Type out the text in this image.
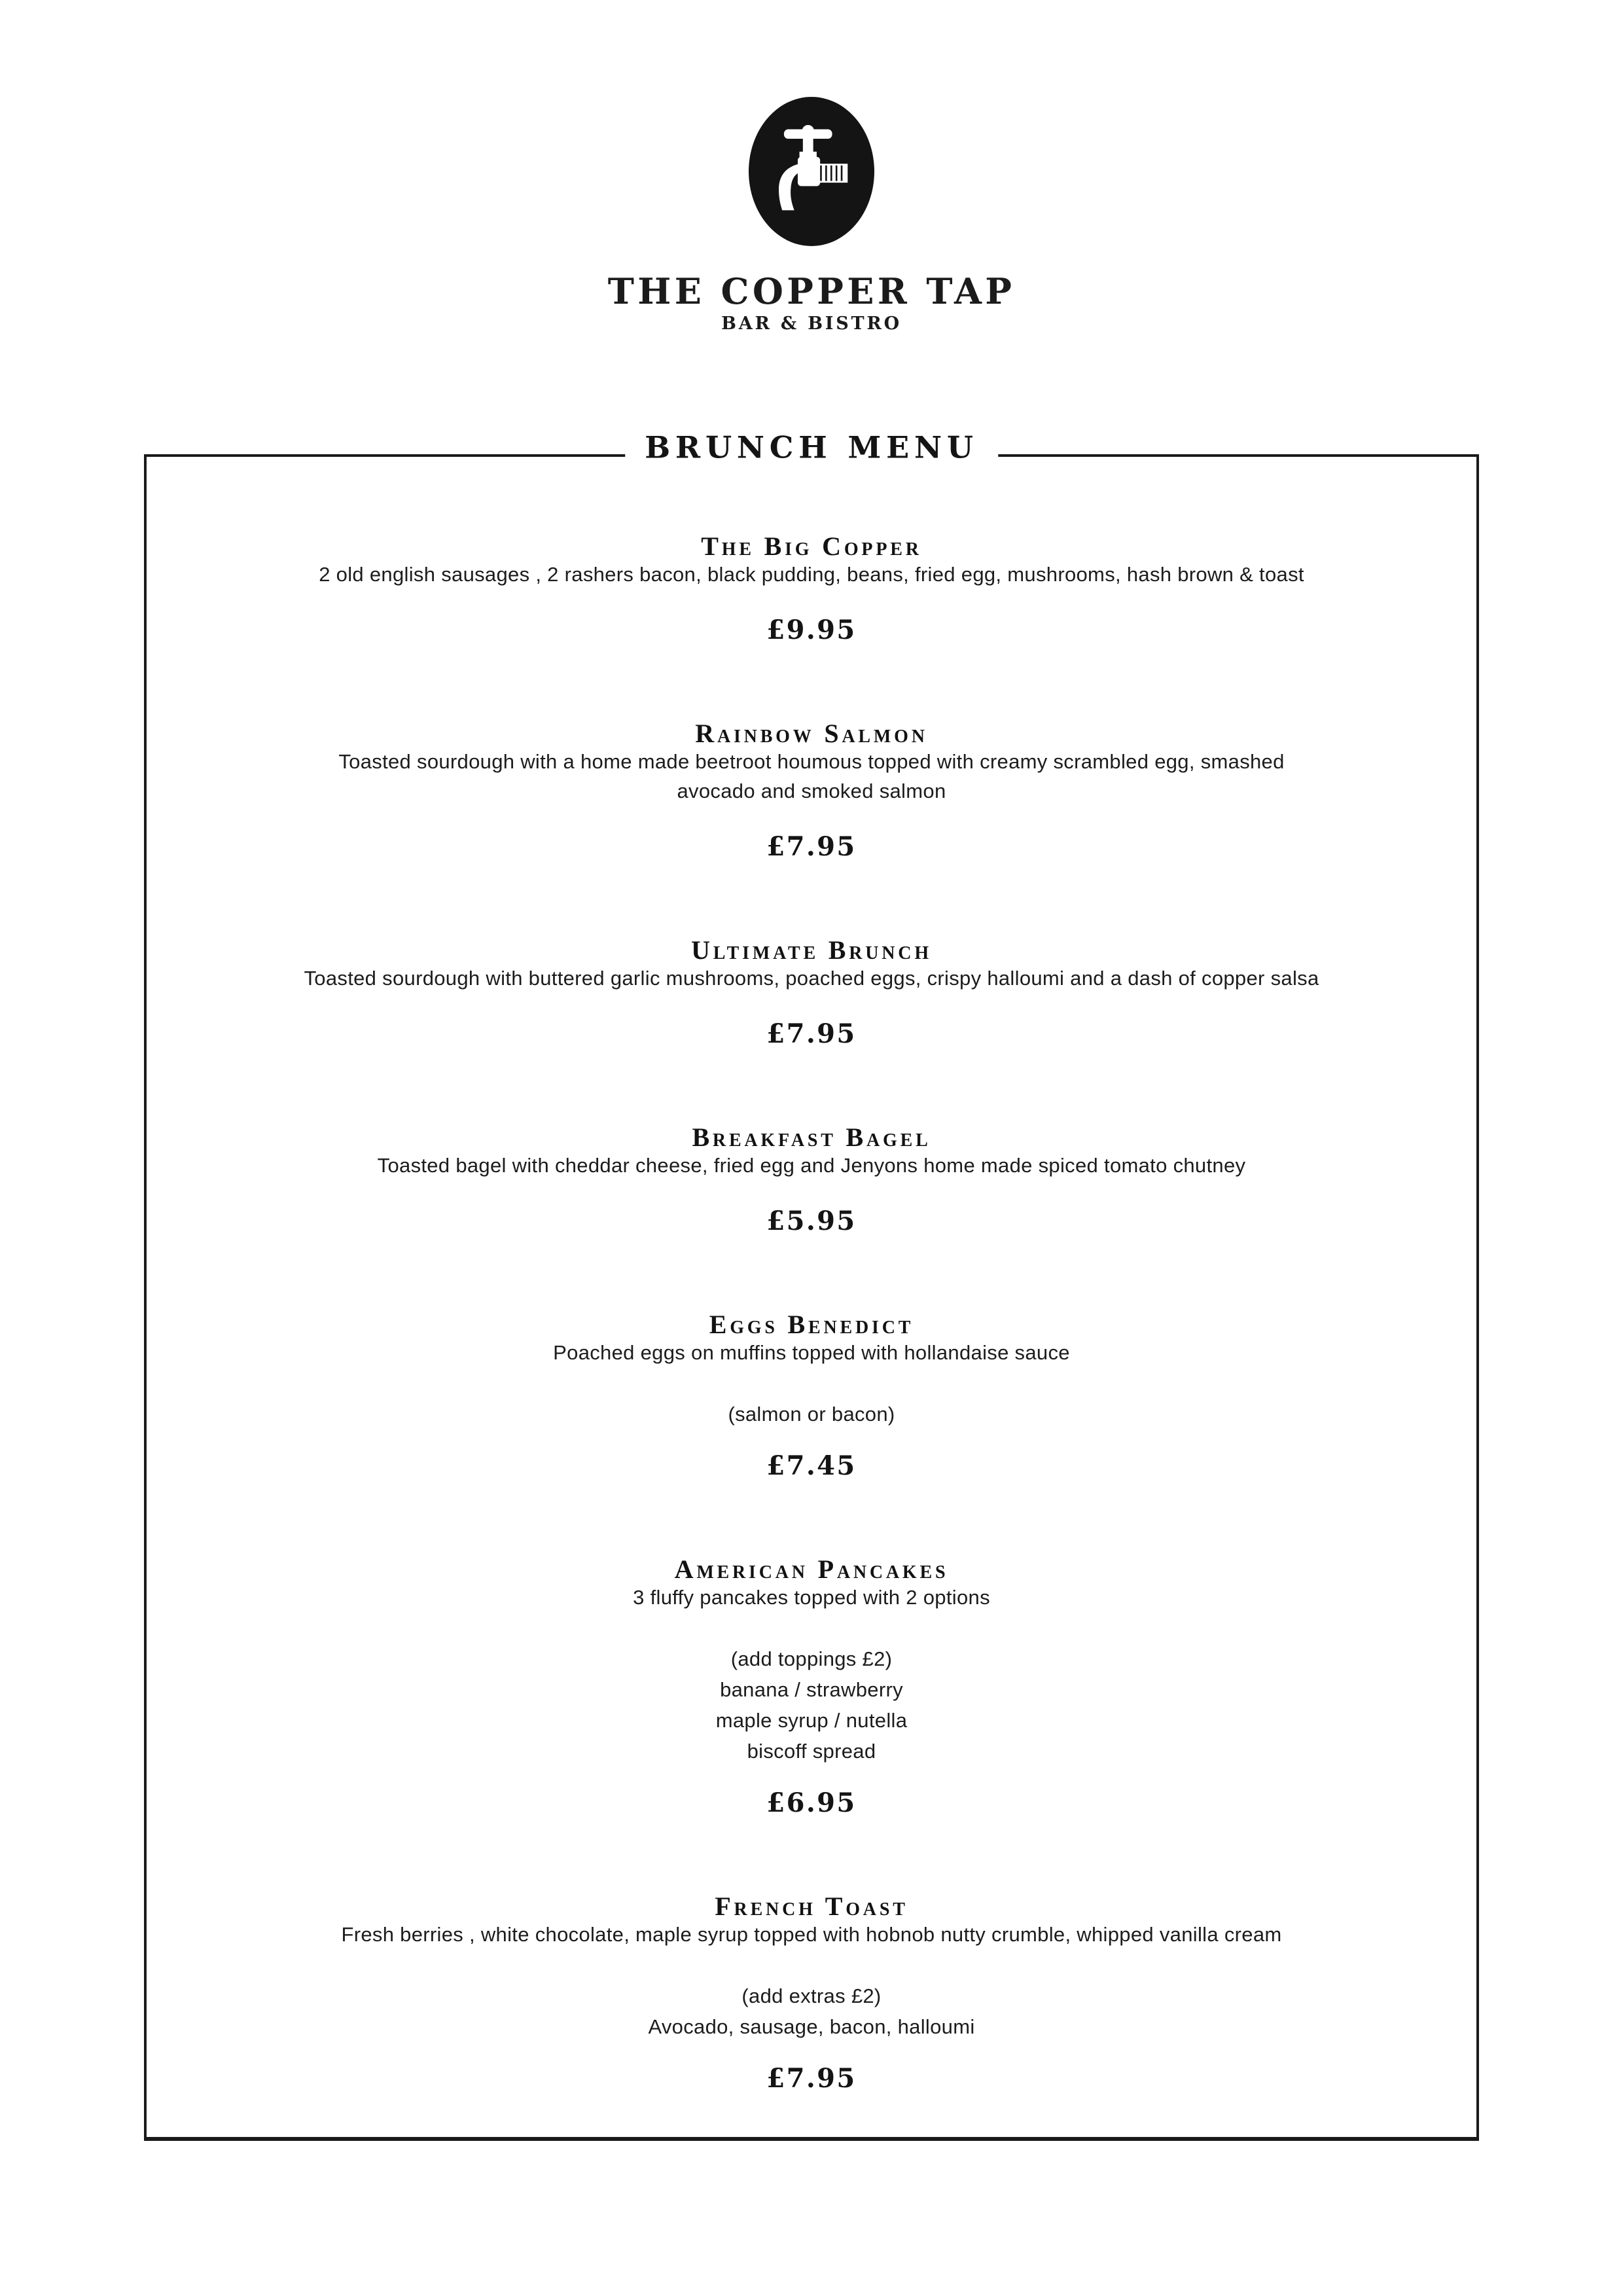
THE COPPER TAP
BAR & BISTRO
BRUNCH MENU
The Big Copper

2 old english sausages , 2 rashers bacon, black pudding, beans, fried egg, mushrooms, hash brown & toast

£9.95
Rainbow Salmon

Toasted sourdough with a home made beetroot houmous topped with creamy scrambled egg, smashed avocado and smoked salmon

£7.95
Ultimate Brunch

Toasted sourdough with buttered garlic mushrooms, poached eggs, crispy halloumi and a dash of copper salsa

£7.95
Breakfast Bagel

Toasted bagel with cheddar cheese, fried egg and Jenyons home made spiced tomato chutney

£5.95
Eggs Benedict

Poached eggs on muffins topped with hollandaise sauce

(salmon or bacon)
£7.45
American Pancakes

3 fluffy pancakes topped with 2 options

(add toppings £2)
banana / strawberry
maple syrup / nutella
biscoff spread
£6.95
French Toast

Fresh berries , white chocolate, maple syrup topped with hobnob nutty crumble, whipped vanilla cream

(add extras £2)
Avocado, sausage, bacon, halloumi
£7.95
